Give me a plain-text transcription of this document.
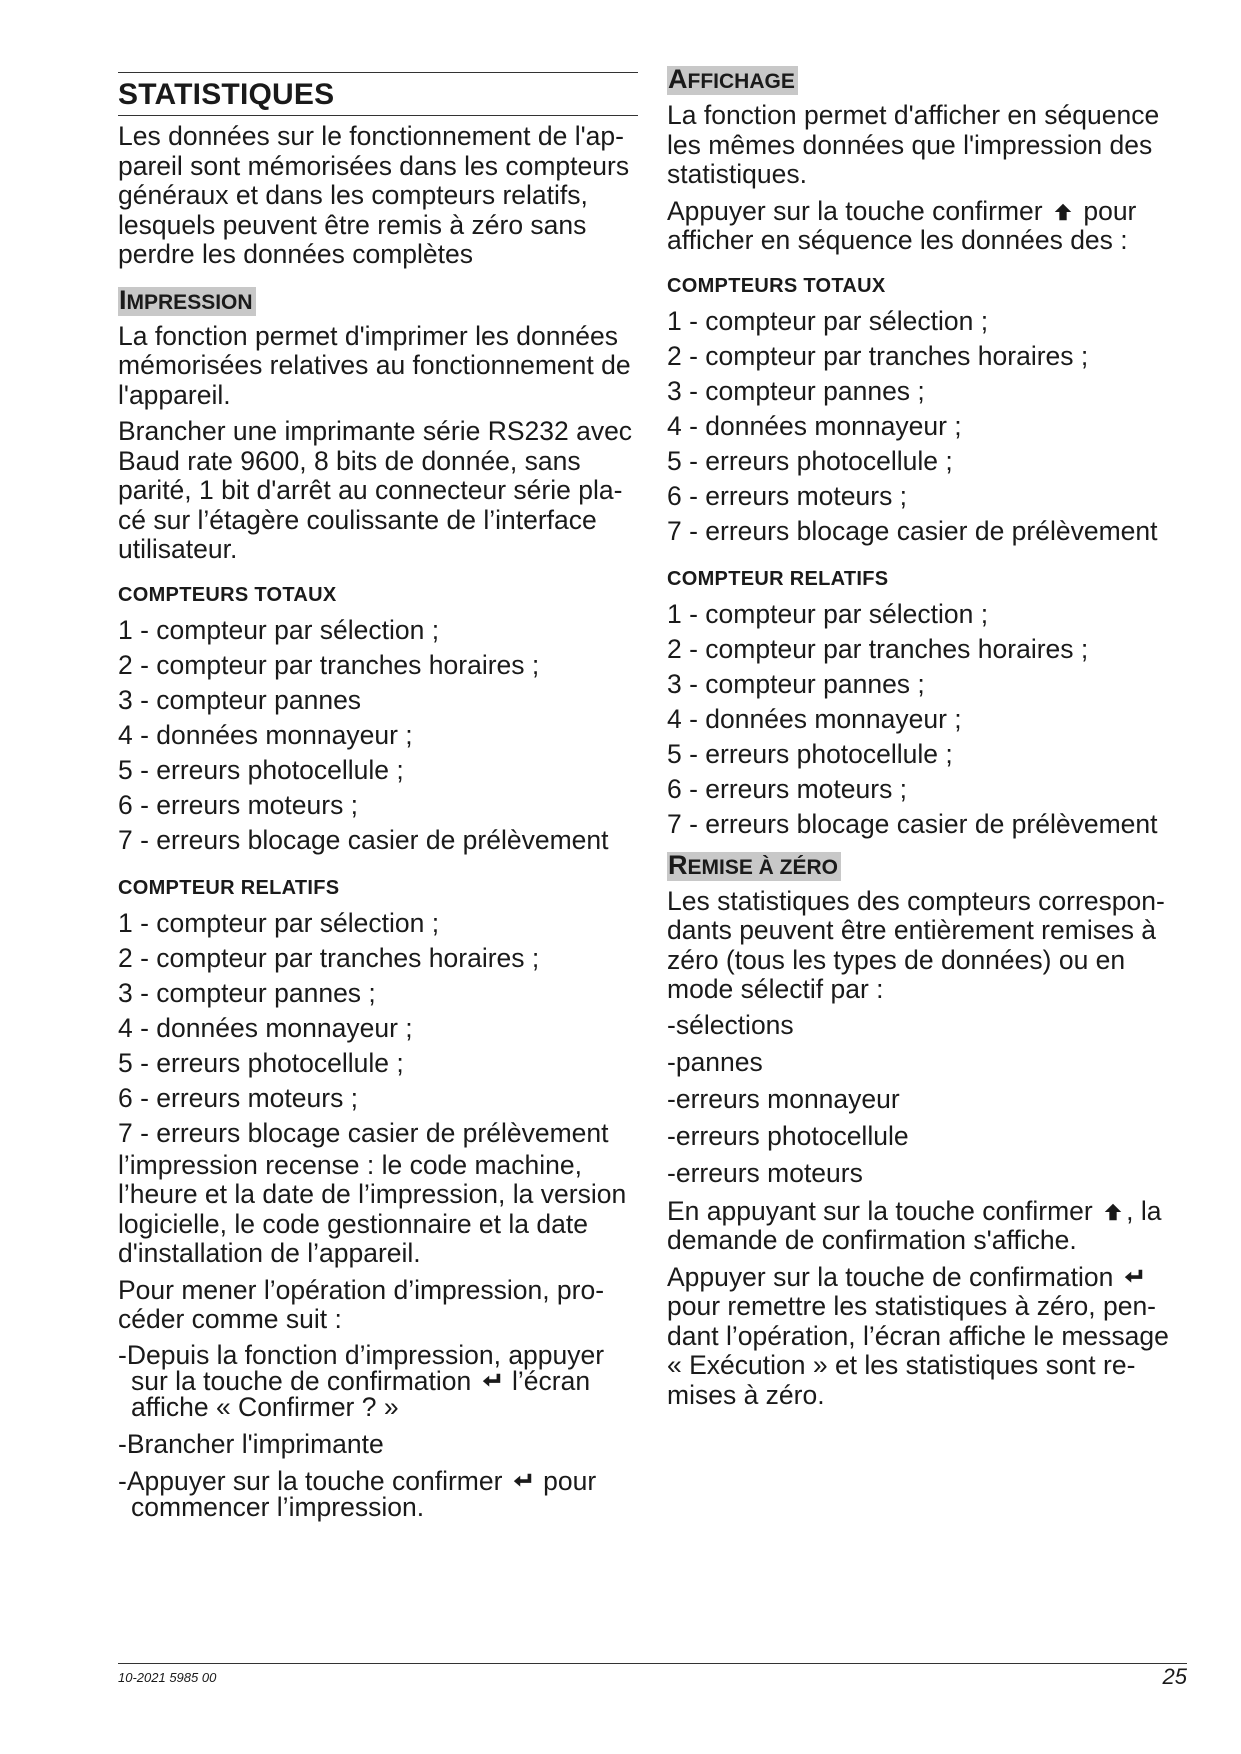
STATISTIQUES

Les données sur le fonctionnement de l'ap-pareil sont mémorisées dans les compteurs généraux et dans les compteurs relatifs, lesquels peuvent être remis à zéro sans perdre les données complètes

IMPRESSION

La fonction permet d'imprimer les données mémorisées relatives au fonctionnement de l'appareil.

Brancher une imprimante série RS232 avec Baud rate 9600, 8 bits de donnée, sans parité, 1 bit d'arrêt au connecteur série pla-cé sur l’étagère coulissante de l’interface utilisateur.

COMPTEURS TOTAUX
1 - compteur par sélection ;
2 - compteur par tranches horaires ;
3 - compteur pannes
4 - données monnayeur ;
5 - erreurs photocellule ;
6 - erreurs moteurs ;
7 - erreurs blocage casier de prélèvement
COMPTEUR RELATIFS
1 - compteur par sélection ;
2 - compteur par tranches horaires ;
3 - compteur pannes ;
4 - données monnayeur ;
5 - erreurs photocellule ;
6 - erreurs moteurs ;
7 - erreurs blocage casier de prélèvement

l’impression recense : le code machine, l’heure et la date de l’impression, la version logicielle, le code gestionnaire et la date d'installation de l’appareil.

Pour mener l’opération d’impression, pro-céder comme suit :

-Depuis la fonction d’impression, appuyer sur la touche de confirmation l’écran affiche « Confirmer ? »
-Brancher l'imprimante
-Appuyer sur la touche confirmer pour commencer l’impression.
AFFICHAGE

La fonction permet d'afficher en séquence les mêmes données que l'impression des statistiques.

Appuyer sur la touche confirmer pour afficher en séquence les données des :

COMPTEURS TOTAUX
1 - compteur par sélection ;
2 - compteur par tranches horaires ;
3 - compteur pannes ;
4 - données monnayeur ;
5 - erreurs photocellule ;
6 - erreurs moteurs ;
7 - erreurs blocage casier de prélèvement
COMPTEUR RELATIFS
1 - compteur par sélection ;
2 - compteur par tranches horaires ;
3 - compteur pannes ;
4 - données monnayeur ;
5 - erreurs photocellule ;
6 - erreurs moteurs ;
7 - erreurs blocage casier de prélèvement
REMISE À ZÉRO

Les statistiques des compteurs correspon-dants peuvent être entièrement remises à zéro (tous les types de données) ou en mode sélectif par :

-sélections
-pannes
-erreurs monnayeur
-erreurs photocellule
-erreurs moteurs

En appuyant sur la touche confirmer , la demande de confirmation s'affiche.

Appuyer sur la touche de confirmation  pour remettre les statistiques à zéro, pen-dant l’opération, l’écran affiche le message « Exécution » et les statistiques sont re-mises à zéro.

10-2021 5985 00	25
